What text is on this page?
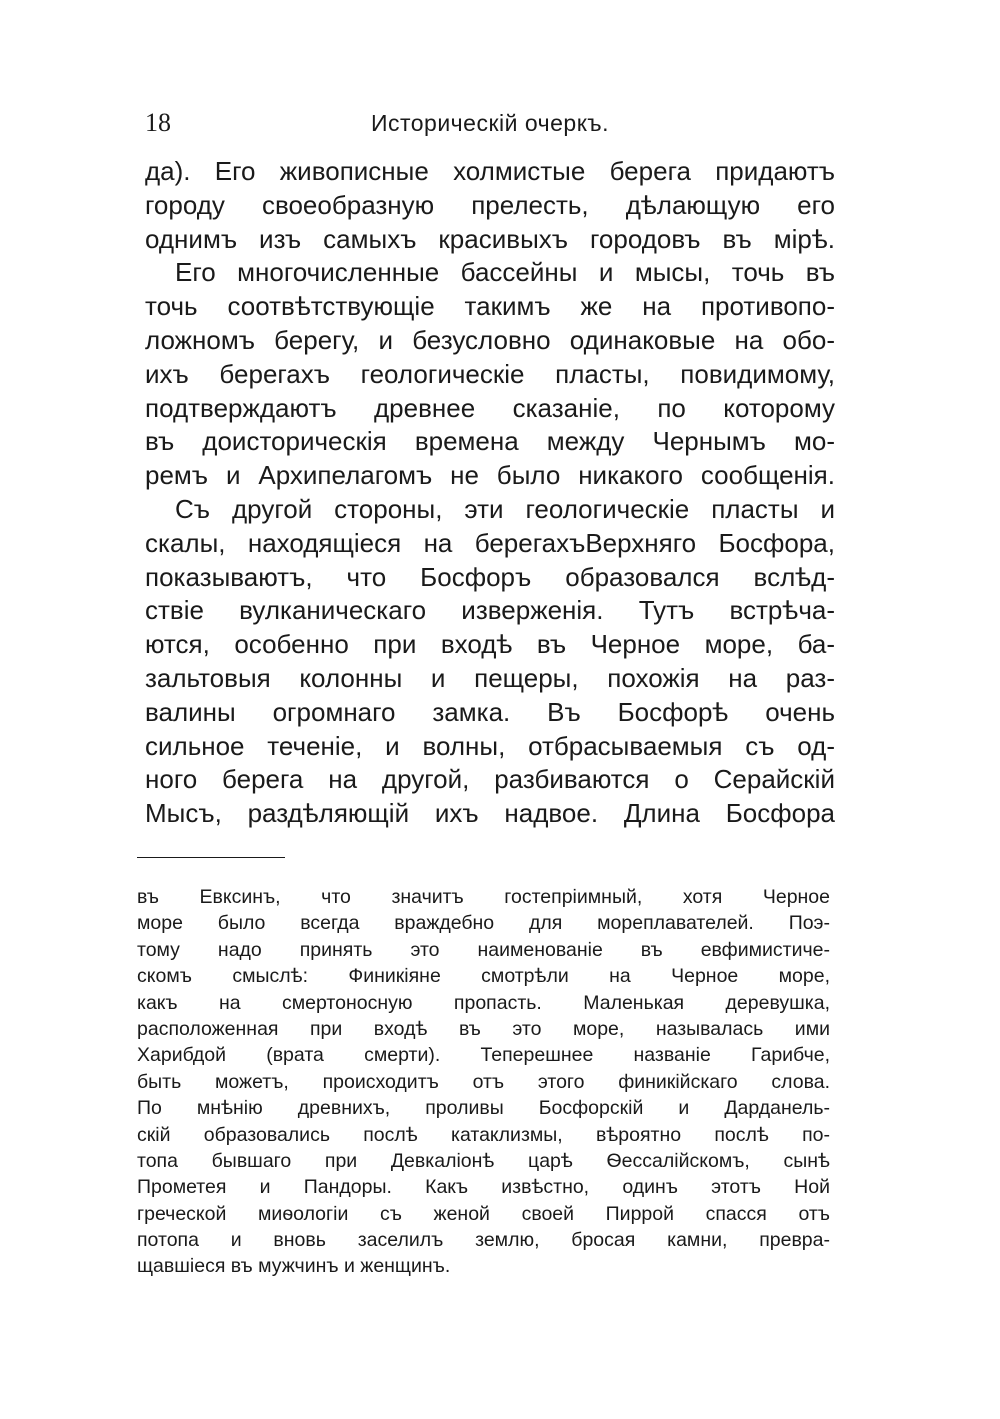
18	Историческій очеркъ.
да). Его живописные холмистые берега придаютъ
городу своеобразную прелесть, дѣлающую его
однимъ изъ самыхъ красивыхъ городовъ въ мірѣ.
Его многочисленные бассейны и мысы, точь въ
точь соотвѣтствующіе такимъ же на противопо-
ложномъ берегу, и безусловно одинаковые на обо-
ихъ берегахъ геологическіе пласты, повидимому,
подтверждаютъ древнее сказаніе, по которому
въ доисторическія времена между Чернымъ мо-
ремъ и Архипелагомъ не было никакого сообщенія.
Съ другой стороны, эти геологическіе пласты и
скалы, находящіеся на берегахъВерхняго Босфора,
показываютъ, что Босфоръ образовался вслѣд-
ствіе вулканическаго изверженія. Тутъ встрѣча-
ются, особенно при входѣ въ Черное море, ба-
зальтовыя колонны и пещеры, похожія на раз-
валины огромнаго замка. Въ Босфорѣ очень
сильное теченіе, и волны, отбрасываемыя съ од-
ного берега на другой, разбиваются о Серайскій
Мысъ, раздѣляющій ихъ надвое. Длина Босфора
въ Евксинъ, что значитъ гостепріимный, хотя Черное
море было всегда враждебно для мореплавателей. Поэ-
тому надо принять это наименованіе въ евфимистиче-
скомъ смыслѣ: Финикіяне смотрѣли на Черное море,
какъ на смертоносную пропасть. Маленькая деревушка,
расположенная при входѣ въ это море, называлась ими
Харибдой (врата смерти). Теперешнее названіе Гарибче,
быть можетъ, происходитъ отъ этого финикійскаго слова.
По мнѣнію древнихъ, проливы Босфорскій и Дарданель-
скій образовались послѣ катаклизмы, вѣроятно послѣ по-
топа бывшаго при Девкаліонѣ царѣ Ѳессалійскомъ, сынѣ
Прометея и Пандоры. Какъ извѣстно, одинъ этотъ Ной
греческой миѳологіи съ женой своей Пиррой спасся отъ
потопа и вновь заселилъ землю, бросая камни, превра-
щавшіеся въ мужчинъ и женщинъ.
